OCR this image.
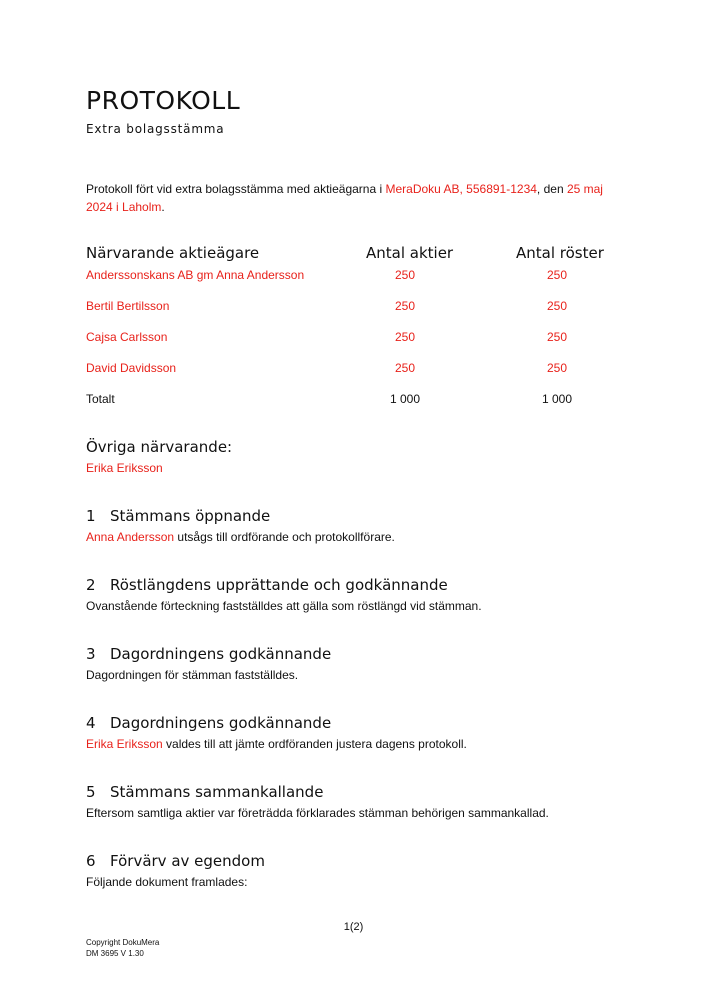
PROTOKOLL
Extra bolagsstämma
Protokoll fört vid extra bolagsstämma med aktieägarna i MeraDoku AB, 556891-1234, den 25 maj 2024 i Laholm.
Närvarande aktieägare	Antal aktier	Antal röster
Anderssonskans AB gm Anna Andersson	250	250
Bertil Bertilsson	250	250
Cajsa Carlsson	250	250
David Davidsson	250	250
Totalt	1 000	1 000
Övriga närvarande:
Erika Eriksson
1 Stämmans öppnande
Anna Andersson utsågs till ordförande och protokollförare.
2 Röstlängdens upprättande och godkännande
Ovanstående förteckning fastställdes att gälla som röstlängd vid stämman.
3 Dagordningens godkännande
Dagordningen för stämman fastställdes.
4 Dagordningens godkännande
Erika Eriksson valdes till att jämte ordföranden justera dagens protokoll.
5 Stämmans sammankallande
Eftersom samtliga aktier var företrädda förklarades stämman behörigen sammankallad.
6 Förvärv av egendom
Följande dokument framlades:
1(2)
Copyright DokuMera
DM 3695 V 1.30
